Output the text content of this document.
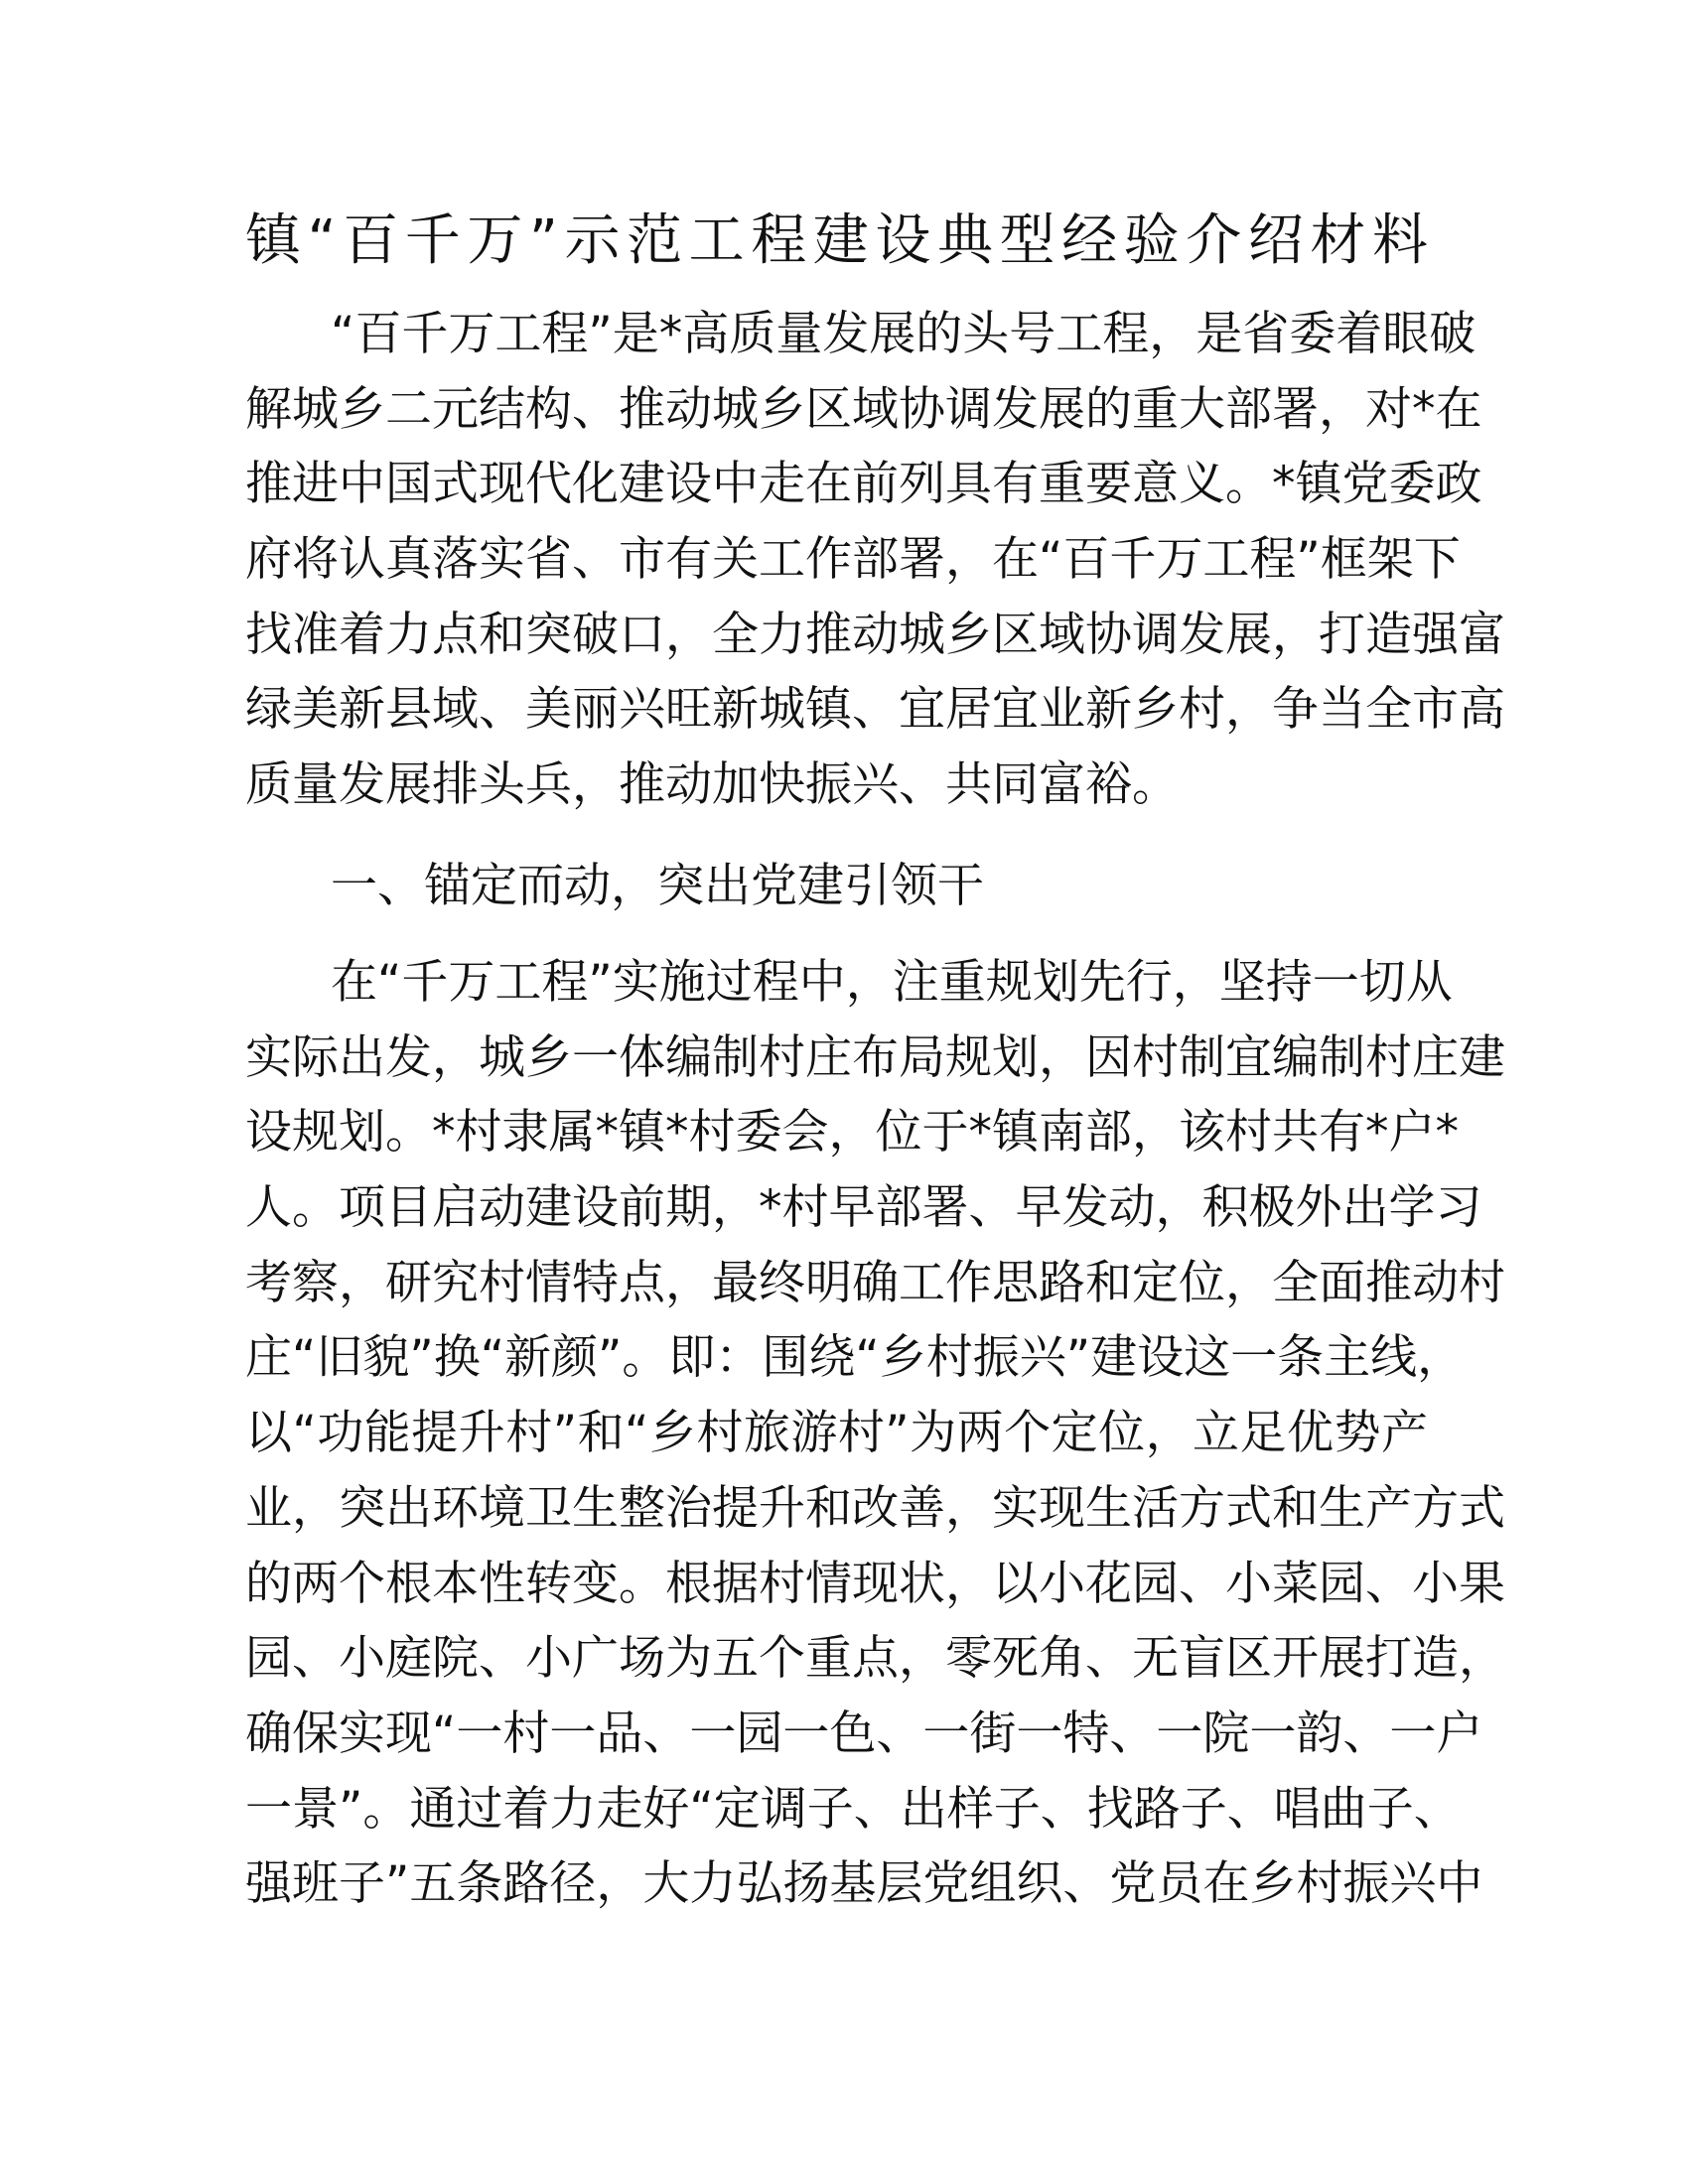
镇“百千万”示范工程建设典型经验介绍材料
“百千万工程”是*高质量发展的头号工程，是省委着眼破
解城乡二元结构、推动城乡区域协调发展的重大部署，对*在
推进中国式现代化建设中走在前列具有重要意义。*镇党委政
府将认真落实省、市有关工作部署，在“百千万工程”框架下
找准着力点和突破口，全力推动城乡区域协调发展，打造强富
绿美新县域、美丽兴旺新城镇、宜居宜业新乡村，争当全市高
质量发展排头兵，推动加快振兴、共同富裕。
一、锚定而动，突出党建引领干
在“千万工程”实施过程中，注重规划先行，坚持一切从
实际出发，城乡一体编制村庄布局规划，因村制宜编制村庄建
设规划。*村隶属*镇*村委会，位于*镇南部，该村共有*户*
人。项目启动建设前期，*村早部署、早发动，积极外出学习
考察，研究村情特点，最终明确工作思路和定位，全面推动村
庄“旧貌”换“新颜”。即：围绕“乡村振兴”建设这一条主线，
以“功能提升村”和“乡村旅游村”为两个定位，立足优势产
业，突出环境卫生整治提升和改善，实现生活方式和生产方式
的两个根本性转变。根据村情现状，以小花园、小菜园、小果
园、小庭院、小广场为五个重点，零死角、无盲区开展打造，
确保实现“一村一品、一园一色、一街一特、一院一韵、一户
一景”。通过着力走好“定调子、出样子、找路子、唱曲子、
强班子”五条路径，大力弘扬基层党组织、党员在乡村振兴中
